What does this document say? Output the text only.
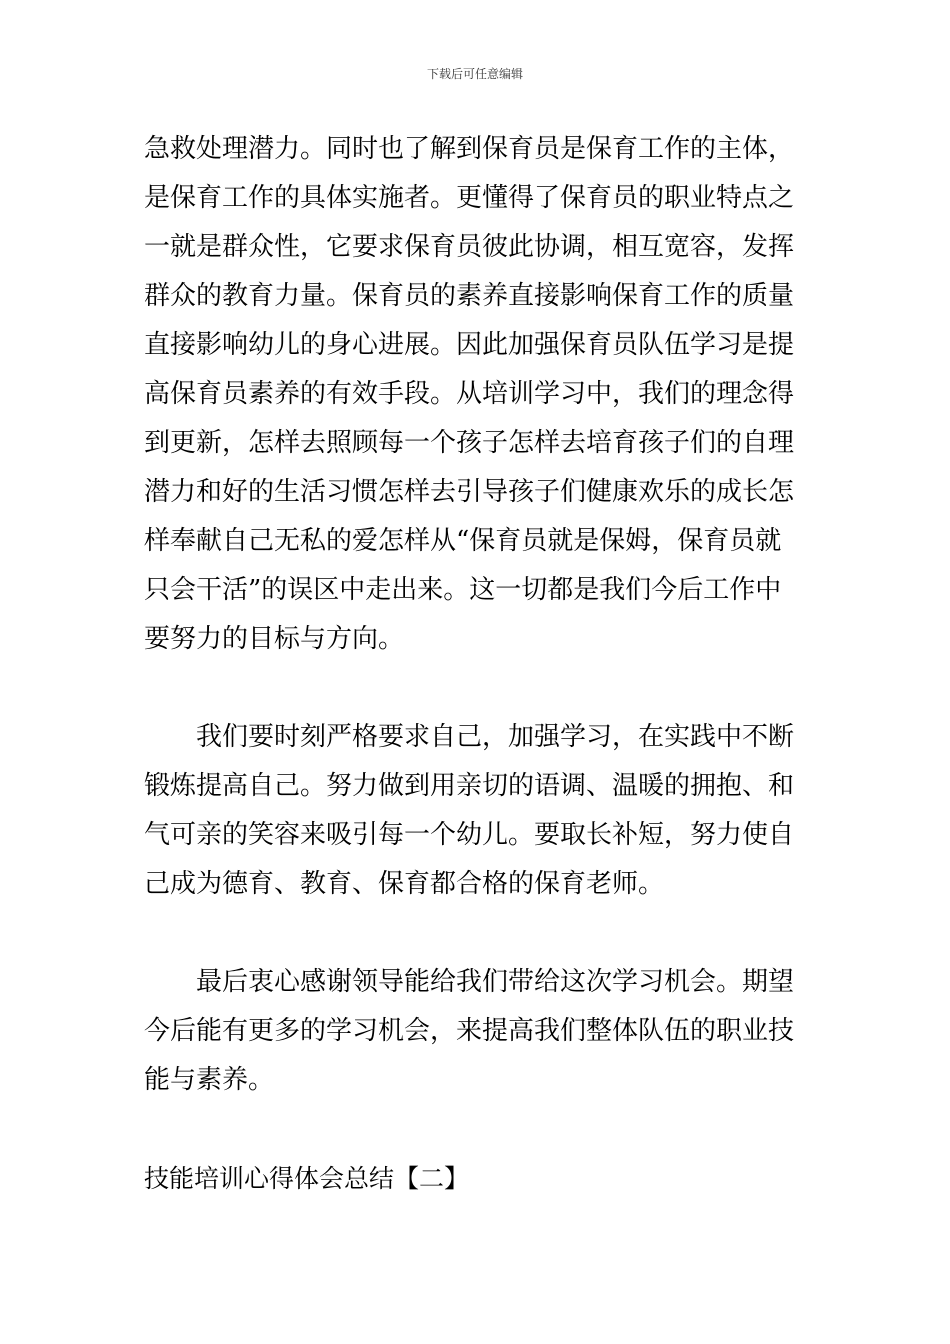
下载后可任意编辑
急救处理潜力。同时也了解到保育员是保育工作的主体，
是保育工作的具体实施者。更懂得了保育员的职业特点之
一就是群众性，它要求保育员彼此协调，相互宽容，发挥
群众的教育力量。保育员的素养直接影响保育工作的质量
直接影响幼儿的身心进展。因此加强保育员队伍学习是提
高保育员素养的有效手段。从培训学习中，我们的理念得
到更新，怎样去照顾每一个孩子怎样去培育孩子们的自理
潜力和好的生活习惯怎样去引导孩子们健康欢乐的成长怎
样奉献自己无私的爱怎样从“保育员就是保姆，保育员就
只会干活”的误区中走出来。这一切都是我们今后工作中
要努力的目标与方向。
我们要时刻严格要求自己，加强学习，在实践中不断
锻炼提高自己。努力做到用亲切的语调、温暖的拥抱、和
气可亲的笑容来吸引每一个幼儿。要取长补短，努力使自
己成为德育、教育、保育都合格的保育老师。
最后衷心感谢领导能给我们带给这次学习机会。期望
今后能有更多的学习机会，来提高我们整体队伍的职业技
能与素养。
技能培训心得体会总结【二】
